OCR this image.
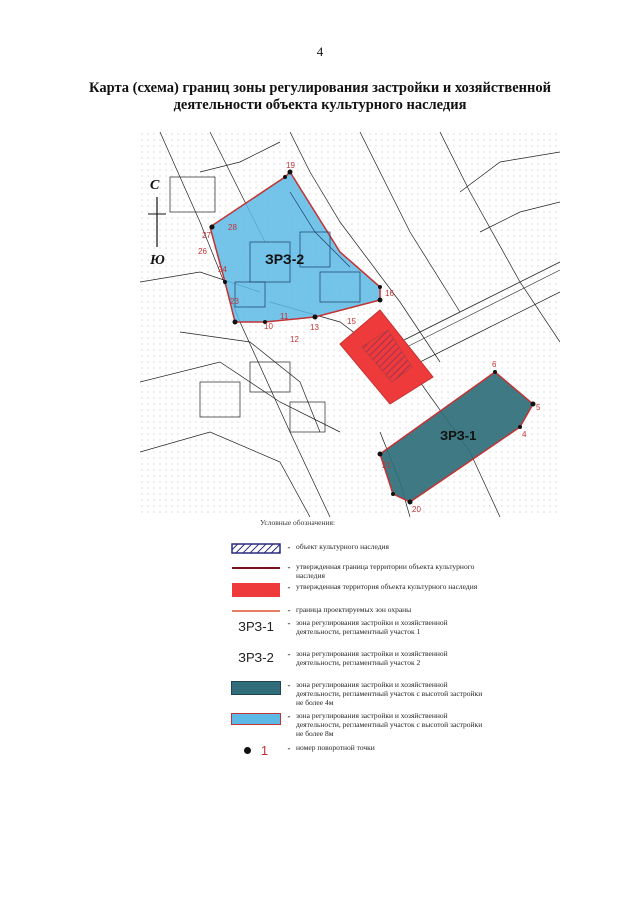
4
Карта (схема) границ зоны регулирования застройки и хозяйственной деятельности объекта культурного наследия
19
28
27
26
24
23
10
11
12
13
15
16
5
4
20
21
6
ЗРЗ-2
ЗРЗ-1
С
Ю
Условные обозначения:
- объект культурного наследия
- утвержденная граница территории объекта культурного наследия
- утвержденная территория объекта культурного наследия
- граница проектируемых зон охраны
ЗРЗ-1	- зона регулирования застройки и хозяйственной деятельности, регламентный участок 1
ЗРЗ-2	- зона регулирования застройки и хозяйственной деятельности, регламентный участок 2
- зона регулирования застройки и хозяйственной деятельности, регламентный участок с высотой застройки не более 4м
- зона регулирования застройки и хозяйственной деятельности, регламентный участок с высотой застройки не более 8м
1	- номер поворотной точки
